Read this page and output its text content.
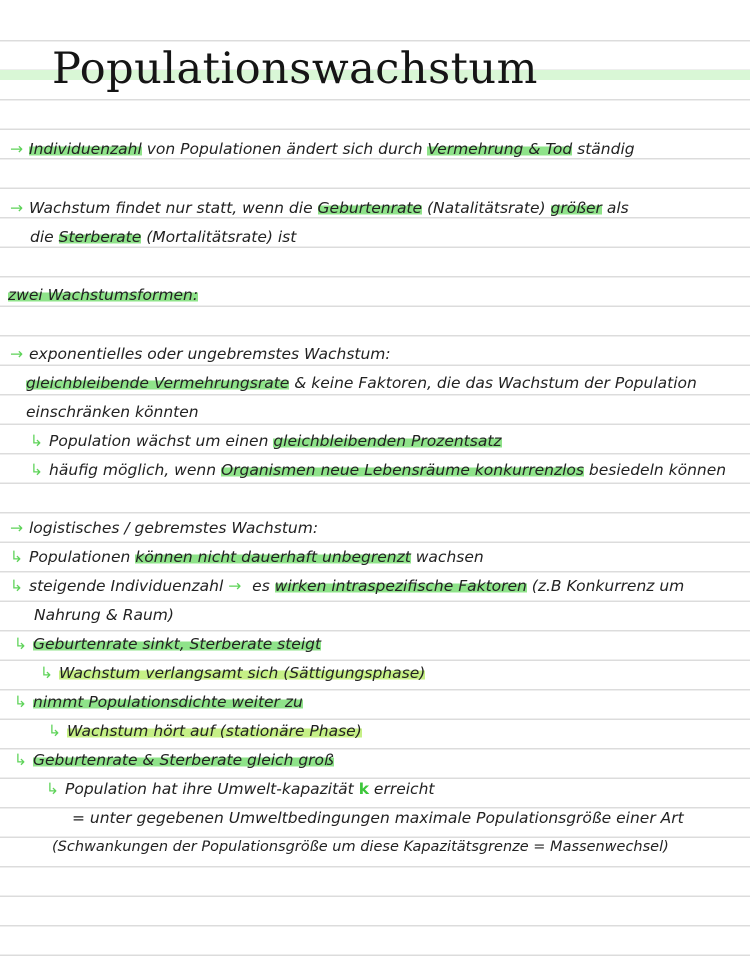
Populationswachstum
→ Individuenzahl von Populationen ändert sich durch Vermehrung & Tod ständig
→ Wachstum findet nur statt, wenn die Geburtenrate (Natalitätsrate) größer als
die Sterberate (Mortalitätsrate) ist
zwei Wachstumsformen:
→ exponentielles oder ungebremstes Wachstum:
gleichbleibende Vermehrungsrate & keine Faktoren, die das Wachstum der Population
einschränken könnten
↳ Population wächst um einen gleichbleibenden Prozentsatz
↳ häufig möglich, wenn Organismen neue Lebensräume konkurrenzlos besiedeln können
→ logistisches / gebremstes Wachstum:
↳ Populationen können nicht dauerhaft unbegrenzt wachsen
↳ steigende Individuenzahl → es wirken intraspezifische Faktoren (z.B Konkurrenz um
Nahrung & Raum)
↳ Geburtenrate sinkt, Sterberate steigt
↳ Wachstum verlangsamt sich (Sättigungsphase)
↳ nimmt Populationsdichte weiter zu
↳ Wachstum hört auf (stationäre Phase)
↳ Geburtenrate & Sterberate gleich groß
↳ Population hat ihre Umwelt-kapazität k erreicht
= unter gegebenen Umweltbedingungen maximale Populationsgröße einer Art
(Schwankungen der Populationsgröße um diese Kapazitätsgrenze = Massenwechsel)
